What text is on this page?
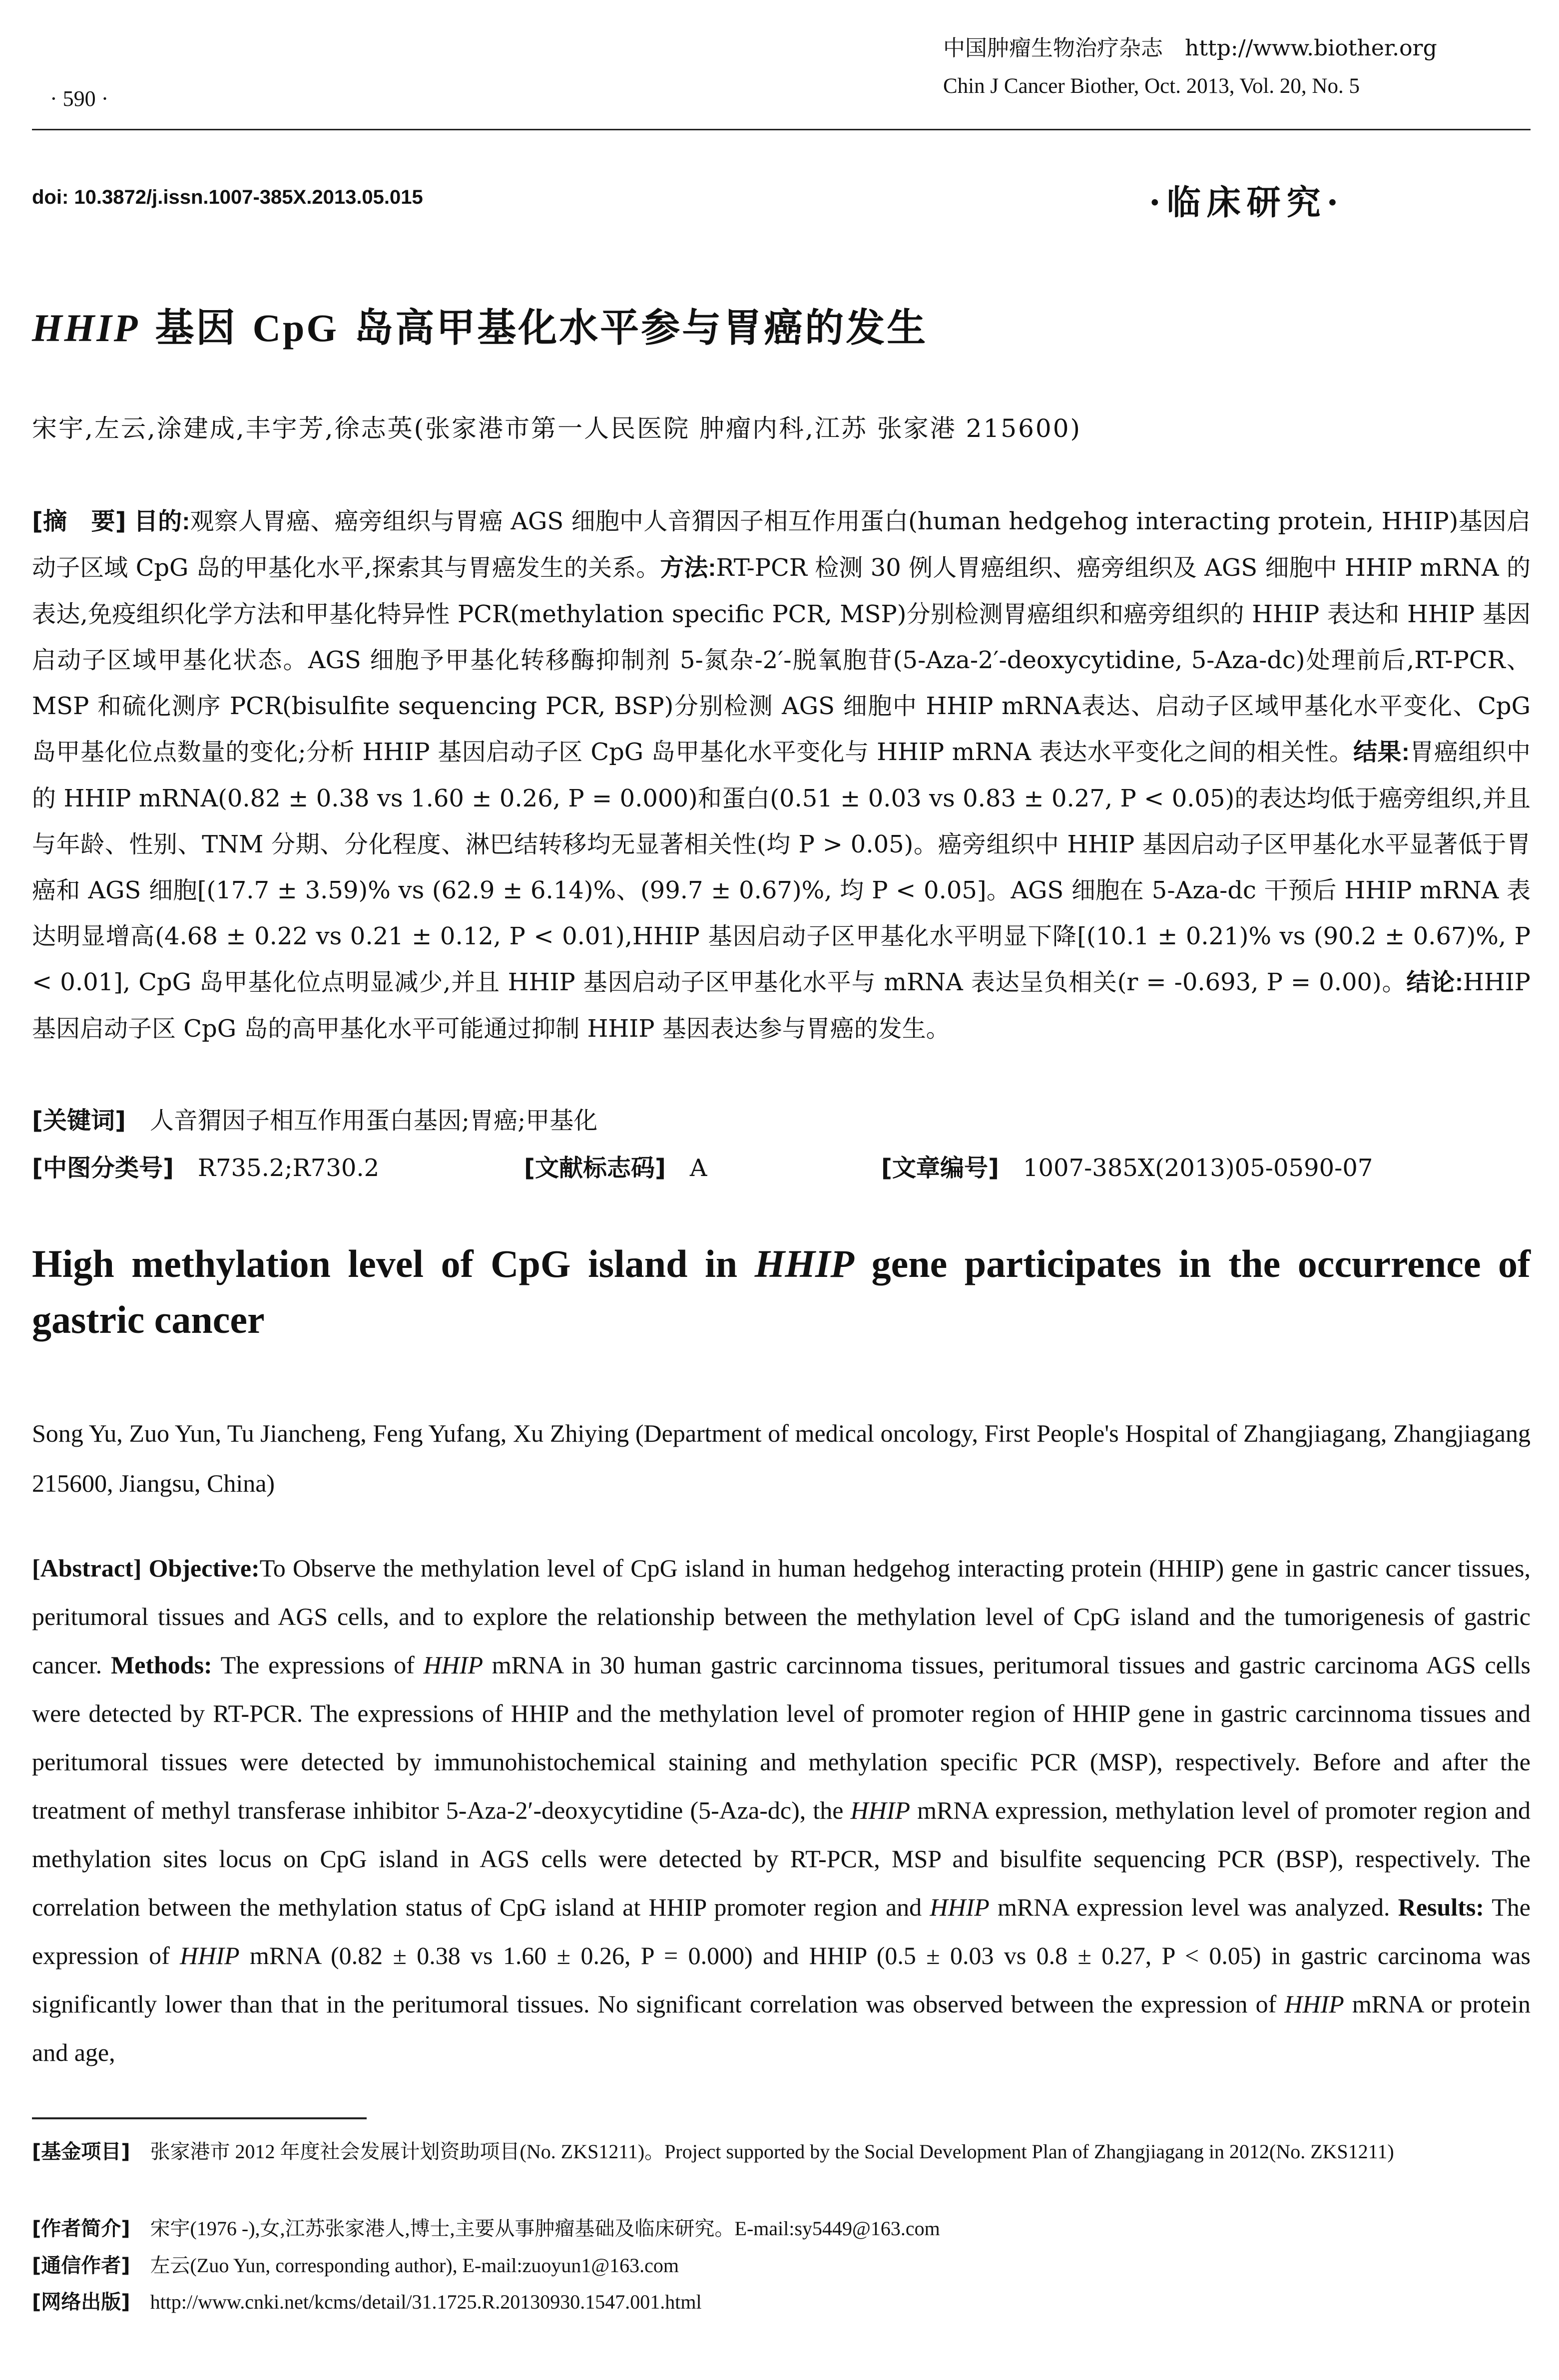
中国肿瘤生物治疗杂志　http://www.biother.org
Chin J Cancer Biother, Oct. 2013, Vol. 20, No. 5
· 590 ·
doi: 10.3872/j.issn.1007-385X.2013.05.015	·临床研究·
HHIP 基因 CpG 岛高甲基化水平参与胃癌的发生
宋宇,左云,涂建成,丰宇芳,徐志英(张家港市第一人民医院 肿瘤内科,江苏 张家港 215600)
[摘　要] 目的:观察人胃癌、癌旁组织与胃癌 AGS 细胞中人音猬因子相互作用蛋白(human hedgehog interacting protein, HHIP)基因启动子区域 CpG 岛的甲基化水平,探索其与胃癌发生的关系。方法:RT-PCR 检测 30 例人胃癌组织、癌旁组织及 AGS 细胞中 HHIP mRNA 的表达,免疫组织化学方法和甲基化特异性 PCR(methylation specific PCR, MSP)分别检测胃癌组织和癌旁组织的 HHIP 表达和 HHIP 基因启动子区域甲基化状态。AGS 细胞予甲基化转移酶抑制剂 5-氮杂-2′-脱氧胞苷(5-Aza-2′-deoxycytidine, 5-Aza-dc)处理前后,RT-PCR、MSP 和硫化测序 PCR(bisulfite sequencing PCR, BSP)分别检测 AGS 细胞中 HHIP mRNA表达、启动子区域甲基化水平变化、CpG 岛甲基化位点数量的变化;分析 HHIP 基因启动子区 CpG 岛甲基化水平变化与 HHIP mRNA 表达水平变化之间的相关性。结果:胃癌组织中的 HHIP mRNA(0.82 ± 0.38 vs 1.60 ± 0.26, P = 0.000)和蛋白(0.51 ± 0.03 vs 0.83 ± 0.27, P < 0.05)的表达均低于癌旁组织,并且与年龄、性别、TNM 分期、分化程度、淋巴结转移均无显著相关性(均 P > 0.05)。癌旁组织中 HHIP 基因启动子区甲基化水平显著低于胃癌和 AGS 细胞[(17.7 ± 3.59)% vs (62.9 ± 6.14)%、(99.7 ± 0.67)%, 均 P < 0.05]。AGS 细胞在 5-Aza-dc 干预后 HHIP mRNA 表达明显增高(4.68 ± 0.22 vs 0.21 ± 0.12, P < 0.01),HHIP 基因启动子区甲基化水平明显下降[(10.1 ± 0.21)% vs (90.2 ± 0.67)%, P < 0.01], CpG 岛甲基化位点明显减少,并且 HHIP 基因启动子区甲基化水平与 mRNA 表达呈负相关(r = -0.693, P = 0.00)。结论:HHIP 基因启动子区 CpG 岛的高甲基化水平可能通过抑制 HHIP 基因表达参与胃癌的发生。
[关键词]　 人音猬因子相互作用蛋白基因;胃癌;甲基化
[中图分类号]　 R735.2;R730.2	[文献标志码]　 A	[文章编号]　 1007-385X(2013)05-0590-07
High methylation level of CpG island in HHIP gene participates in the occurrence of gastric cancer
Song Yu, Zuo Yun, Tu Jiancheng, Feng Yufang, Xu Zhiying (Department of medical oncology, First People's Hospital of Zhangjiagang, Zhangjiagang 215600, Jiangsu, China)
[Abstract] Objective:To Observe the methylation level of CpG island in human hedgehog interacting protein (HHIP) gene in gastric cancer tissues, peritumoral tissues and AGS cells, and to explore the relationship between the methylation level of CpG island and the tumorigenesis of gastric cancer. Methods: The expressions of HHIP mRNA in 30 human gastric carcinnoma tissues, peritumoral tissues and gastric carcinoma AGS cells were detected by RT-PCR. The expressions of HHIP and the methylation level of promoter region of HHIP gene in gastric carcinnoma tissues and peritumoral tissues were detected by immunohistochemical staining and methylation specific PCR (MSP), respectively. Before and after the treatment of methyl transferase inhibitor 5-Aza-2′-deoxycytidine (5-Aza-dc), the HHIP mRNA expression, methylation level of promoter region and methylation sites locus on CpG island in AGS cells were detected by RT-PCR, MSP and bisulfite sequencing PCR (BSP), respectively. The correlation between the methylation status of CpG island at HHIP promoter region and HHIP mRNA expression level was analyzed. Results: The expression of HHIP mRNA (0.82 ± 0.38 vs 1.60 ± 0.26, P = 0.000) and HHIP (0.5 ± 0.03 vs 0.8 ± 0.27, P < 0.05) in gastric carcinoma was significantly lower than that in the peritumoral tissues. No significant correlation was observed between the expression of HHIP mRNA or protein and age,
[基金项目]　 张家港市 2012 年度社会发展计划资助项目(No. ZKS1211)。Project supported by the Social Development Plan of Zhangjiagang in 2012(No. ZKS1211)
[作者简介]　 宋宇(1976 -),女,江苏张家港人,博士,主要从事肿瘤基础及临床研究。E-mail:sy5449@163.com
[通信作者]　 左云(Zuo Yun, corresponding author), E-mail:zuoyun1@163.com
[网络出版]　 http://www.cnki.net/kcms/detail/31.1725.R.20130930.1547.001.html
